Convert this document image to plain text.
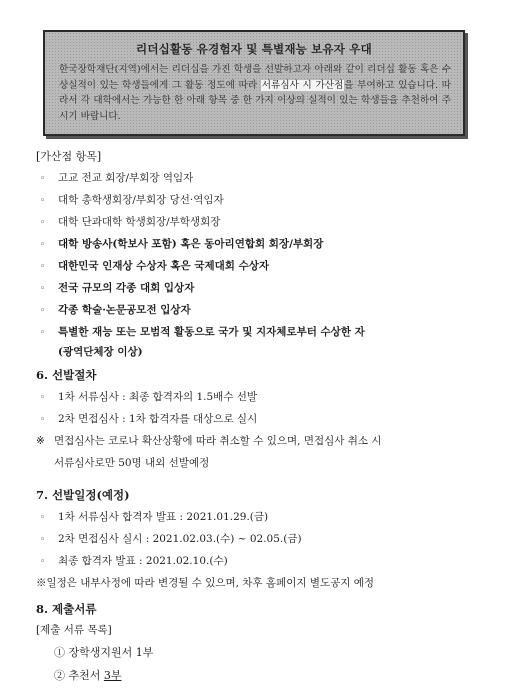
리더십활동 유경험자 및 특별재능 보유자 우대
한국장학재단(지역)에서는 리더십을 가진 학생을 선발하고자 아래와 같이 리더십 활동 혹은 수상실적이 있는 학생들에게 그 활동 정도에 따라 서류심사 시 가산점을 부여하고 있습니다. 따라서 각 대학에서는 가능한 한 아래 항목 중 한 가지 이상의 실적이 있는 학생들을 추천하여 주시기 바랍니다.
[가산점 항목]
◦ 고교 전교 회장/부회장 역임자
◦ 대학 총학생회장/부회장 당선·역임자
◦ 대학 단과대학 학생회장/부학생회장
◦ 대학 방송사(학보사 포함) 혹은 동아리연합회 회장/부회장
◦ 대한민국 인재상 수상자 혹은 국제대회 수상자
◦ 전국 규모의 각종 대회 입상자
◦ 각종 학술·논문공모전 입상자
◦ 특별한 재능 또는 모범적 활동으로 국가 및 지자체로부터 수상한 자
(광역단체장 이상)
6. 선발절차
◦ 1차 서류심사 : 최종 합격자의 1.5배수 선발
◦ 2차 면접심사 : 1차 합격자를 대상으로 실시
※ 면접심사는 코로나 확산상황에 따라 취소할 수 있으며, 면접심사 취소 시
서류심사로만 50명 내외 선발예정
7. 선발일정(예정)
◦ 1차 서류심사 합격자 발표 : 2021.01.29.(금)
◦ 2차 면접심사 실시 : 2021.02.03.(수) ~ 02.05.(금)
◦ 최종 합격자 발표 : 2021.02.10.(수)
※일정은 내부사정에 따라 변경될 수 있으며, 차후 홈페이지 별도공지 예정
8. 제출서류
[제출 서류 목록]
① 장학생지원서 1부
② 추천서 3부
